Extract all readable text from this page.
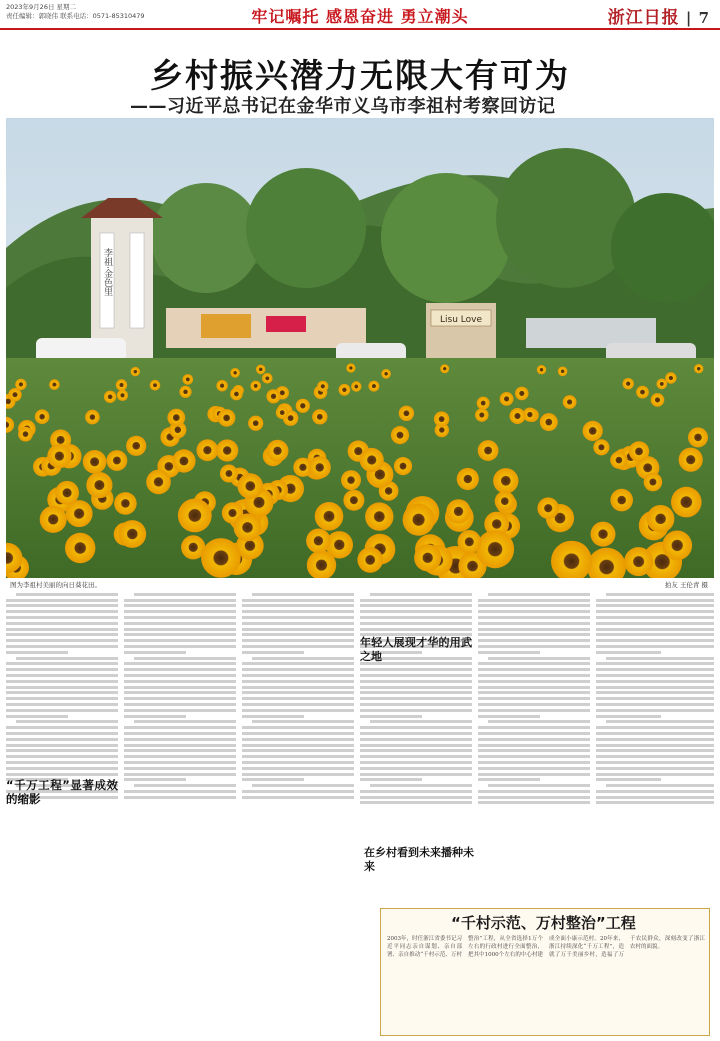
2023年9月26日 星期二
责任编辑：郭晓伟 联系电话：0571-85310479	牢记嘱托 感恩奋进 勇立潮头	浙江日报 | 7
乡村振兴潜力无限大有可为
——习近平总书记在金华市义乌市李祖村考察回访记
李祖·金色里
Lisu Love
图为李祖村美丽的向日葵花田。	拍友 王伦青 摄
“千万工程”显著成效的缩影
年轻人展现才华的用武之地
在乡村看到未来播种未来
“千村示范、万村整治”工程
2003年，时任浙江省委书记习近平同志亲自谋划、亲自部署、亲自推动“千村示范、万村整治”工程，从全省选择1万个左右的行政村进行全面整治，把其中1000个左右的中心村建成全面小康示范村。20年来，浙江持续深化“千万工程”，造就了万千美丽乡村，造福了万千农民群众，深刻改变了浙江农村的面貌。
